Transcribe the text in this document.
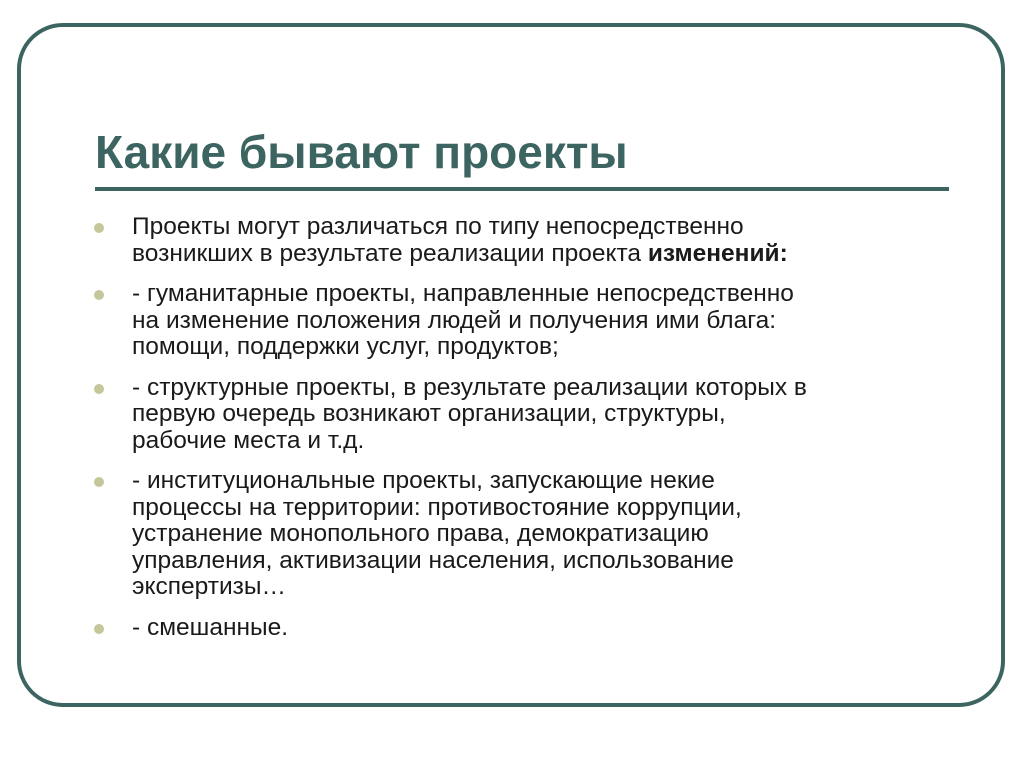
Какие бывают проекты
Проекты могут различаться по типу непосредственно
возникших в результате реализации проекта изменений:
- гуманитарные проекты, направленные непосредственно
на изменение положения людей и получения ими блага:
помощи, поддержки услуг, продуктов;
- структурные проекты, в результате реализации которых в
первую очередь возникают организации, структуры,
рабочие места и т.д.
- институциональные проекты, запускающие некие
процессы на территории: противостояние коррупции,
устранение монопольного права, демократизацию
управления, активизации населения, использование
экспертизы…
- смешанные.
